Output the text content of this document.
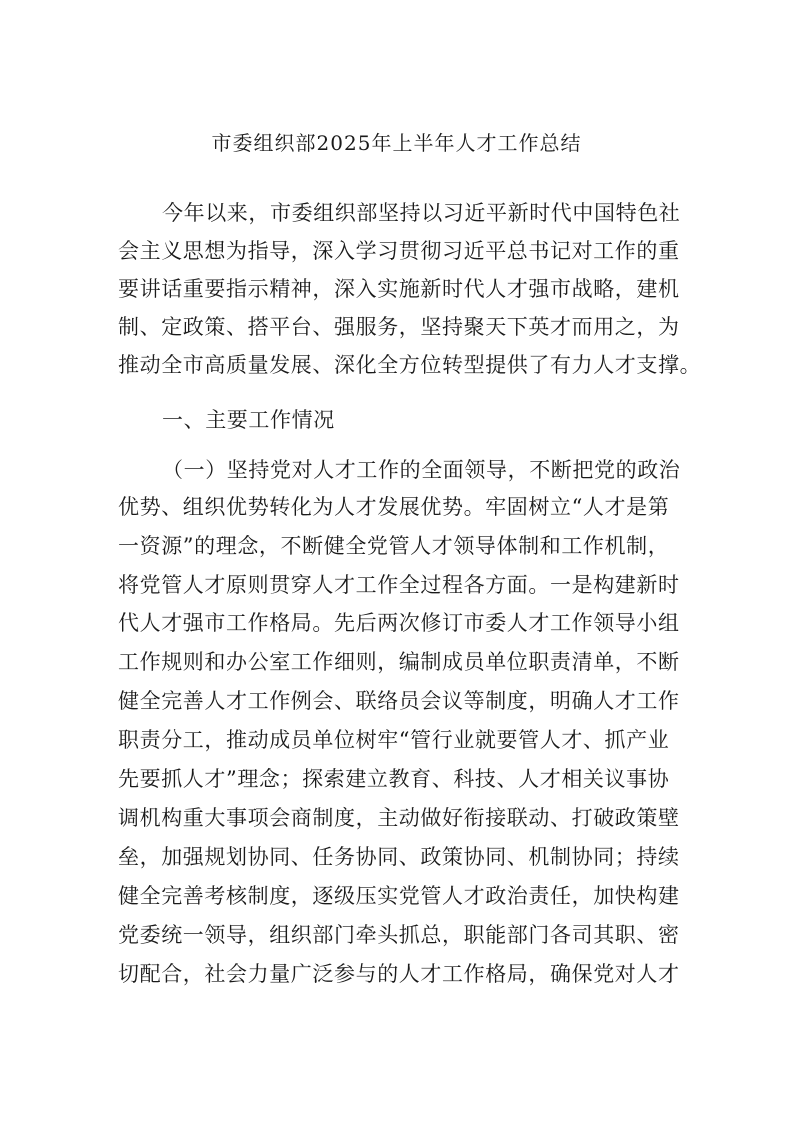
市委组织部2025年上半年人才工作总结

今年以来，市委组织部坚持以习近平新时代中国特色社

会主义思想为指导，深入学习贯彻习近平总书记对工作的重

要讲话重要指示精神，深入实施新时代人才强市战略，建机

制、定政策、搭平台、强服务，坚持聚天下英才而用之，为

推动全市高质量发展、深化全方位转型提供了有力人才支撑。

一、主要工作情况

（一）坚持党对人才工作的全面领导，不断把党的政治

优势、组织优势转化为人才发展优势。牢固树立“人才是第

一资源”的理念，不断健全党管人才领导体制和工作机制，

将党管人才原则贯穿人才工作全过程各方面。一是构建新时

代人才强市工作格局。先后两次修订市委人才工作领导小组

工作规则和办公室工作细则，编制成员单位职责清单，不断

健全完善人才工作例会、联络员会议等制度，明确人才工作

职责分工，推动成员单位树牢“管行业就要管人才、抓产业

先要抓人才”理念；探索建立教育、科技、人才相关议事协

调机构重大事项会商制度，主动做好衔接联动、打破政策壁

垒，加强规划协同、任务协同、政策协同、机制协同；持续

健全完善考核制度，逐级压实党管人才政治责任，加快构建

党委统一领导，组织部门牵头抓总，职能部门各司其职、密

切配合，社会力量广泛参与的人才工作格局，确保党对人才
